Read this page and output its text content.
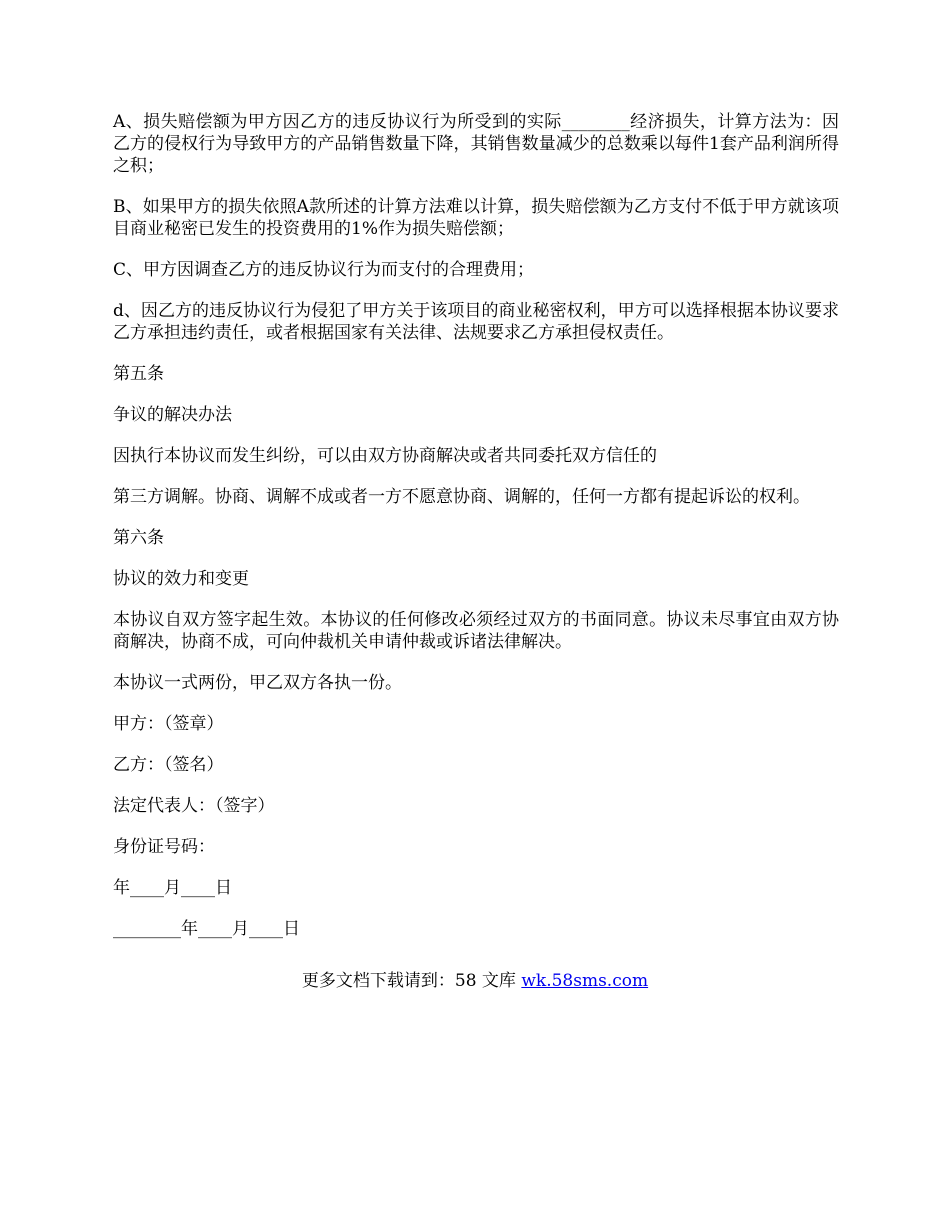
A、损失赔偿额为甲方因乙方的违反协议行为所受到的实际________经济损失，计算方法为：因乙方的侵权行为导致甲方的产品销售数量下降，其销售数量减少的总数乘以每件1套产品利润所得之积；

B、如果甲方的损失依照A款所述的计算方法难以计算，损失赔偿额为乙方支付不低于甲方就该项目商业秘密已发生的投资费用的1%作为损失赔偿额；

C、甲方因调查乙方的违反协议行为而支付的合理费用；

d、因乙方的违反协议行为侵犯了甲方关于该项目的商业秘密权利，甲方可以选择根据本协议要求乙方承担违约责任，或者根据国家有关法律、法规要求乙方承担侵权责任。

第五条

争议的解决办法

因执行本协议而发生纠纷，可以由双方协商解决或者共同委托双方信任的

第三方调解。协商、调解不成或者一方不愿意协商、调解的，任何一方都有提起诉讼的权利。

第六条

协议的效力和变更

本协议自双方签字起生效。本协议的任何修改必须经过双方的书面同意。协议未尽事宜由双方协商解决，协商不成，可向仲裁机关申请仲裁或诉诸法律解决。

本协议一式两份，甲乙双方各执一份。

甲方：（签章）

乙方：（签名）

法定代表人：（签字）

身份证号码：

年____月____日

________年____月____日

更多文档下载请到：58 文库 wk.58sms.com
